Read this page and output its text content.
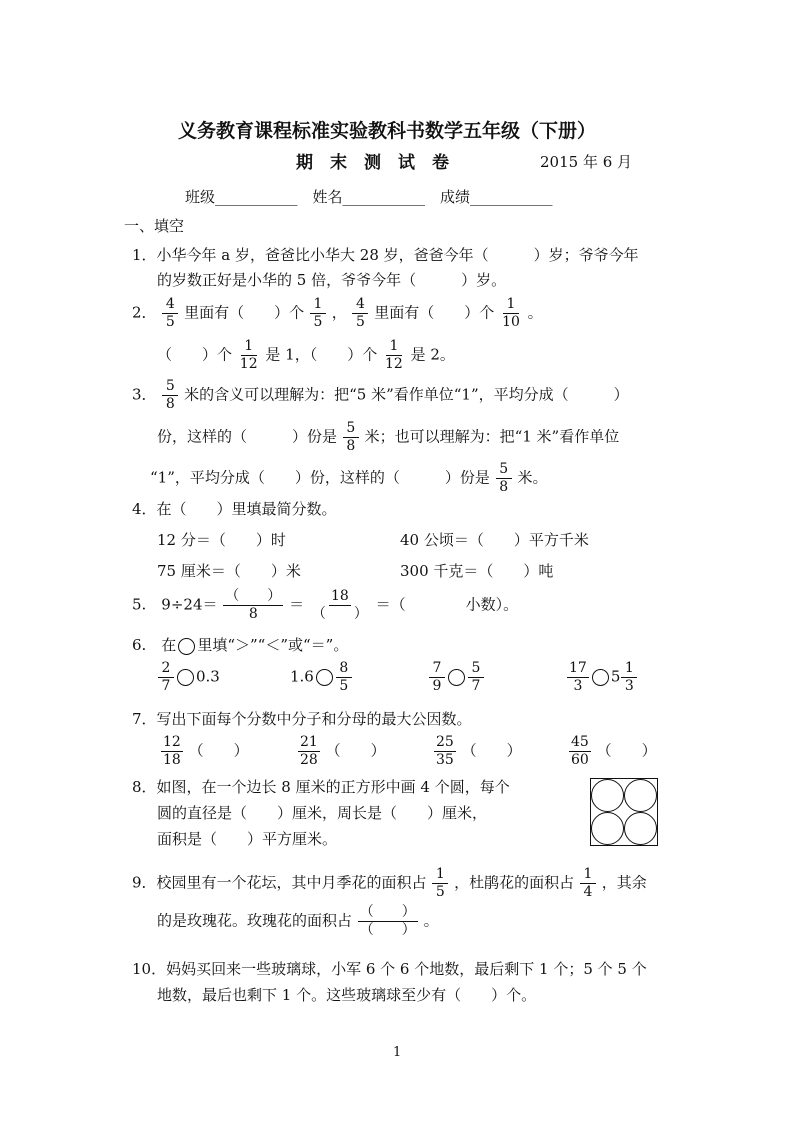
义务教育课程标准实验教科书数学五年级（下册）
期　末　测　试　卷	2015 年 6 月
班级___________　姓名___________　成绩___________
一、填空
1．小华今年 a 岁，爸爸比小华大 28 岁，爸爸今年（　　　）岁；爷爷今年
的岁数正好是小华的 5 倍，爷爷今年（　　　）岁。
2． $\frac{4}{5}$ 里面有（　　）个 $\frac{1}{5}$ ， $\frac{4}{5}$ 里面有（　　）个 $\frac{1}{10}$ 。
（　　）个 $\frac{1}{12}$ 是 1，（　　）个 $\frac{1}{12}$ 是 2。
3． $\frac{5}{8}$ 米的含义可以理解为：把“5 米”看作单位“1”，平均分成（　　　）
份，这样的（　　　）份是 $\frac{5}{8}$ 米；也可以理解为：把“1 米”看作单位
“1”，平均分成（　　）份，这样的（　　　）份是 $\frac{5}{8}$ 米。
4．在（　　）里填最简分数。
12 分＝（　　）时	40 公顷＝（　　）平方千米
75 厘米＝（　　）米	300 千克＝（　　）吨
5.　$9\div 24= \frac{( )}{8} = \frac{18}{( )}$ ＝（　　　　小数）。
6.　在 里填“＞”“＜”或“＝”。
$\frac{2}{7} 0.3$	$1.6 \frac{8}{5}$	$\frac{7}{9} \frac{5}{7}$	$\frac{17}{3} 5 \frac{1}{3}$
7．写出下面每个分数中分子和分母的最大公因数。
$\frac{12}{18}$ （　　）	$\frac{21}{28}$ （　　）	$\frac{25}{35}$ （　　）	$\frac{45}{60}$ （　　）
8．如图，在一个边长 8 厘米的正方形中画 4 个圆，每个
圆的直径是（　　）厘米，周长是（　　）厘米，
面积是（　　）平方厘米。
9．校园里有一个花坛，其中月季花的面积占 $\frac{1}{5}$ ，杜鹃花的面积占 $\frac{1}{4}$ ，其余
的是玫瑰花。玫瑰花的面积占 $\frac{( )}{( )}$ 。
10．妈妈买回来一些玻璃球，小军 6 个 6 个地数，最后剩下 1 个；5 个 5 个
地数，最后也剩下 1 个。这些玻璃球至少有（　　）个。
1
